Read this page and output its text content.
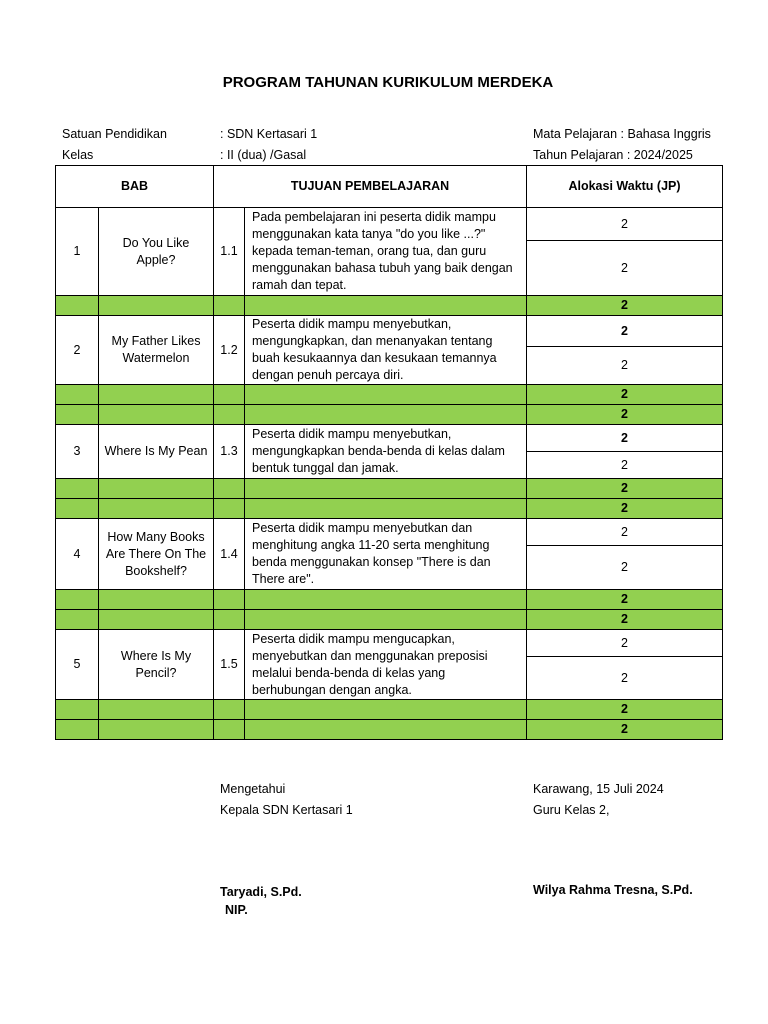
PROGRAM TAHUNAN KURIKULUM MERDEKA
Satuan Pendidikan	: SDN Kertasari 1
Kelas	: II (dua) /Gasal
Mata Pelajaran : Bahasa Inggris
Tahun Pelajaran : 2024/2025
BAB		TUJUAN PEMBELAJARAN		Alokasi Waktu (JP)
1	Do You Like Apple?	1.1	Pada pembelajaran ini peserta didik mampu menggunakan kata tanya "do you like ...?" kepada teman-teman, orang tua, dan guru menggunakan bahasa tubuh yang baik dengan ramah dan tepat.	2
				2
				2
2	My Father Likes Watermelon	1.2	Peserta didik mampu menyebutkan, mengungkapkan, dan menanyakan tentang buah kesukaannya dan kesukaan temannya dengan penuh percaya diri.	2
				2
				2
				2
3	Where Is My Pean	1.3	Peserta didik mampu menyebutkan, mengungkapkan benda-benda di kelas dalam bentuk tunggal dan jamak.	2
				2
				2
				2
4	How Many Books Are There On The Bookshelf?	1.4	Peserta didik mampu menyebutkan dan menghitung angka 11-20 serta menghitung benda menggunakan konsep "There is dan There are".	2
				2
				2
				2
5	Where Is My Pencil?	1.5	Peserta didik mampu mengucapkan, menyebutkan dan menggunakan preposisi melalui benda-benda di kelas yang berhubungan dengan angka.	2
				2
				2
				2
Mengetahui
Kepala SDN Kertasari 1
Taryadi, S.Pd.
NIP.
Karawang, 15 Juli 2024
Guru Kelas 2,
Wilya Rahma Tresna, S.Pd.
